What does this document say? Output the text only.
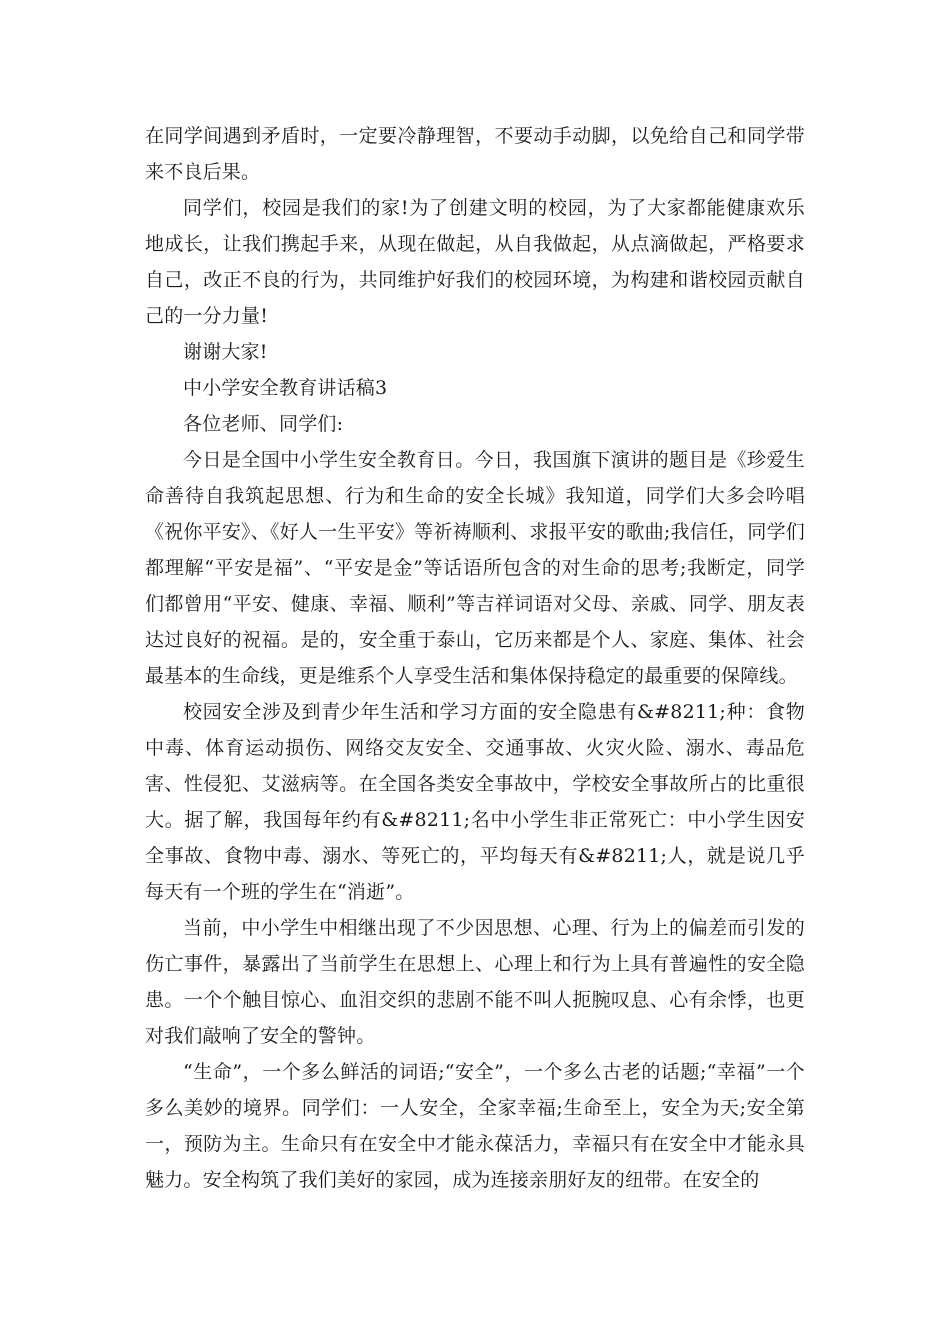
在同学间遇到矛盾时，一定要冷静理智，不要动手动脚，以免给自己和同学带来不良后果。

同学们，校园是我们的家!为了创建文明的校园，为了大家都能健康欢乐地成长，让我们携起手来，从现在做起，从自我做起，从点滴做起，严格要求自己，改正不良的行为，共同维护好我们的校园环境，为构建和谐校园贡献自己的一分力量!

谢谢大家!

中小学安全教育讲话稿3

各位老师、同学们:

今日是全国中小学生安全教育日。今日，我国旗下演讲的题目是《珍爱生命善待自我筑起思想、行为和生命的安全长城》我知道，同学们大多会吟唱《祝你平安》、《好人一生平安》等祈祷顺利、求报平安的歌曲;我信任，同学们都理解“平安是福”、“平安是金”等话语所包含的对生命的思考;我断定，同学们都曾用“平安、健康、幸福、顺利”等吉祥词语对父母、亲戚、同学、朋友表达过良好的祝福。是的，安全重于泰山，它历来都是个人、家庭、集体、社会最基本的生命线，更是维系个人享受生活和集体保持稳定的最重要的保障线。

校园安全涉及到青少年生活和学习方面的安全隐患有&#8211;种：食物中毒、体育运动损伤、网络交友安全、交通事故、火灾火险、溺水、毒品危害、性侵犯、艾滋病等。在全国各类安全事故中，学校安全事故所占的比重很大。据了解，我国每年约有&#8211;名中小学生非正常死亡：中小学生因安全事故、食物中毒、溺水、等死亡的，平均每天有&#8211;人，就是说几乎每天有一个班的学生在“消逝”。

当前，中小学生中相继出现了不少因思想、心理、行为上的偏差而引发的伤亡事件，暴露出了当前学生在思想上、心理上和行为上具有普遍性的安全隐患。一个个触目惊心、血泪交织的悲剧不能不叫人扼腕叹息、心有余悸，也更对我们敲响了安全的警钟。

“生命”，一个多么鲜活的词语;“安全”，一个多么古老的话题;“幸福”一个多么美妙的境界。同学们：一人安全，全家幸福;生命至上，安全为天;安全第一，预防为主。生命只有在安全中才能永葆活力，幸福只有在安全中才能永具魅力。安全构筑了我们美好的家园，成为连接亲朋好友的纽带。在安全的
